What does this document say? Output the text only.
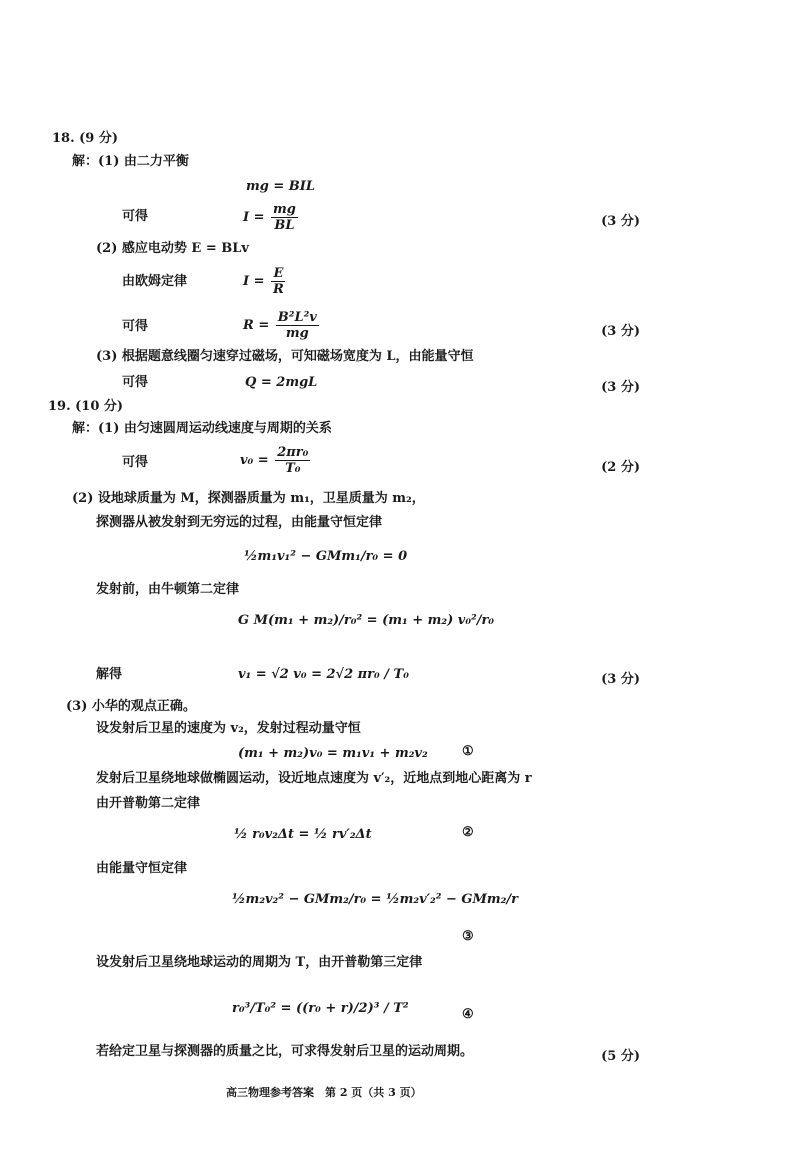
18. (9 分)
解：(1) 由二力平衡
mg = BIL
可得	$I = \frac{mg}{BL}$	(3 分)
(2) 感应电动势 E = BLv
由欧姆定律	$I = \frac{E}{R}$
可得	$R = \frac{\text{B²L²v}}{mg}$	(3 分)
(3) 根据题意线圈匀速穿过磁场，可知磁场宽度为 L，由能量守恒
可得	Q = 2mgL	(3 分)
19. (10 分)
解：(1) 由匀速圆周运动线速度与周期的关系
可得	$v_0 = \frac{\text{2πr₀}}{\text{T₀}}$	(2 分)
(2) 设地球质量为 M，探测器质量为 m₁，卫星质量为 m₂，
探测器从被发射到无穷远的过程，由能量守恒定律
½m₁v₁² − GMm₁/r₀ = 0
发射前，由牛顿第二定律
G M(m₁ + m₂)/r₀² = (m₁ + m₂) v₀²/r₀
解得	v₁ = √2 v₀ = 2√2 πr₀ / T₀	(3 分)
(3) 小华的观点正确。
设发射后卫星的速度为 v₂，发射过程动量守恒
(m₁ + m₂)v₀ = m₁v₁ + m₂v₂	①
发射后卫星绕地球做椭圆运动，设近地点速度为 v′₂，近地点到地心距离为 r
由开普勒第二定律
½ r₀v₂Δt = ½ rv′₂Δt	②
由能量守恒定律
½m₂v₂² − GMm₂/r₀ = ½m₂v′₂² − GMm₂/r
③
设发射后卫星绕地球运动的周期为 T，由开普勒第三定律
r₀³/T₀² = ((r₀ + r)/2)³ / T²	④
若给定卫星与探测器的质量之比，可求得发射后卫星的运动周期。	(5 分)
高三物理参考答案　第 2 页（共 3 页）
